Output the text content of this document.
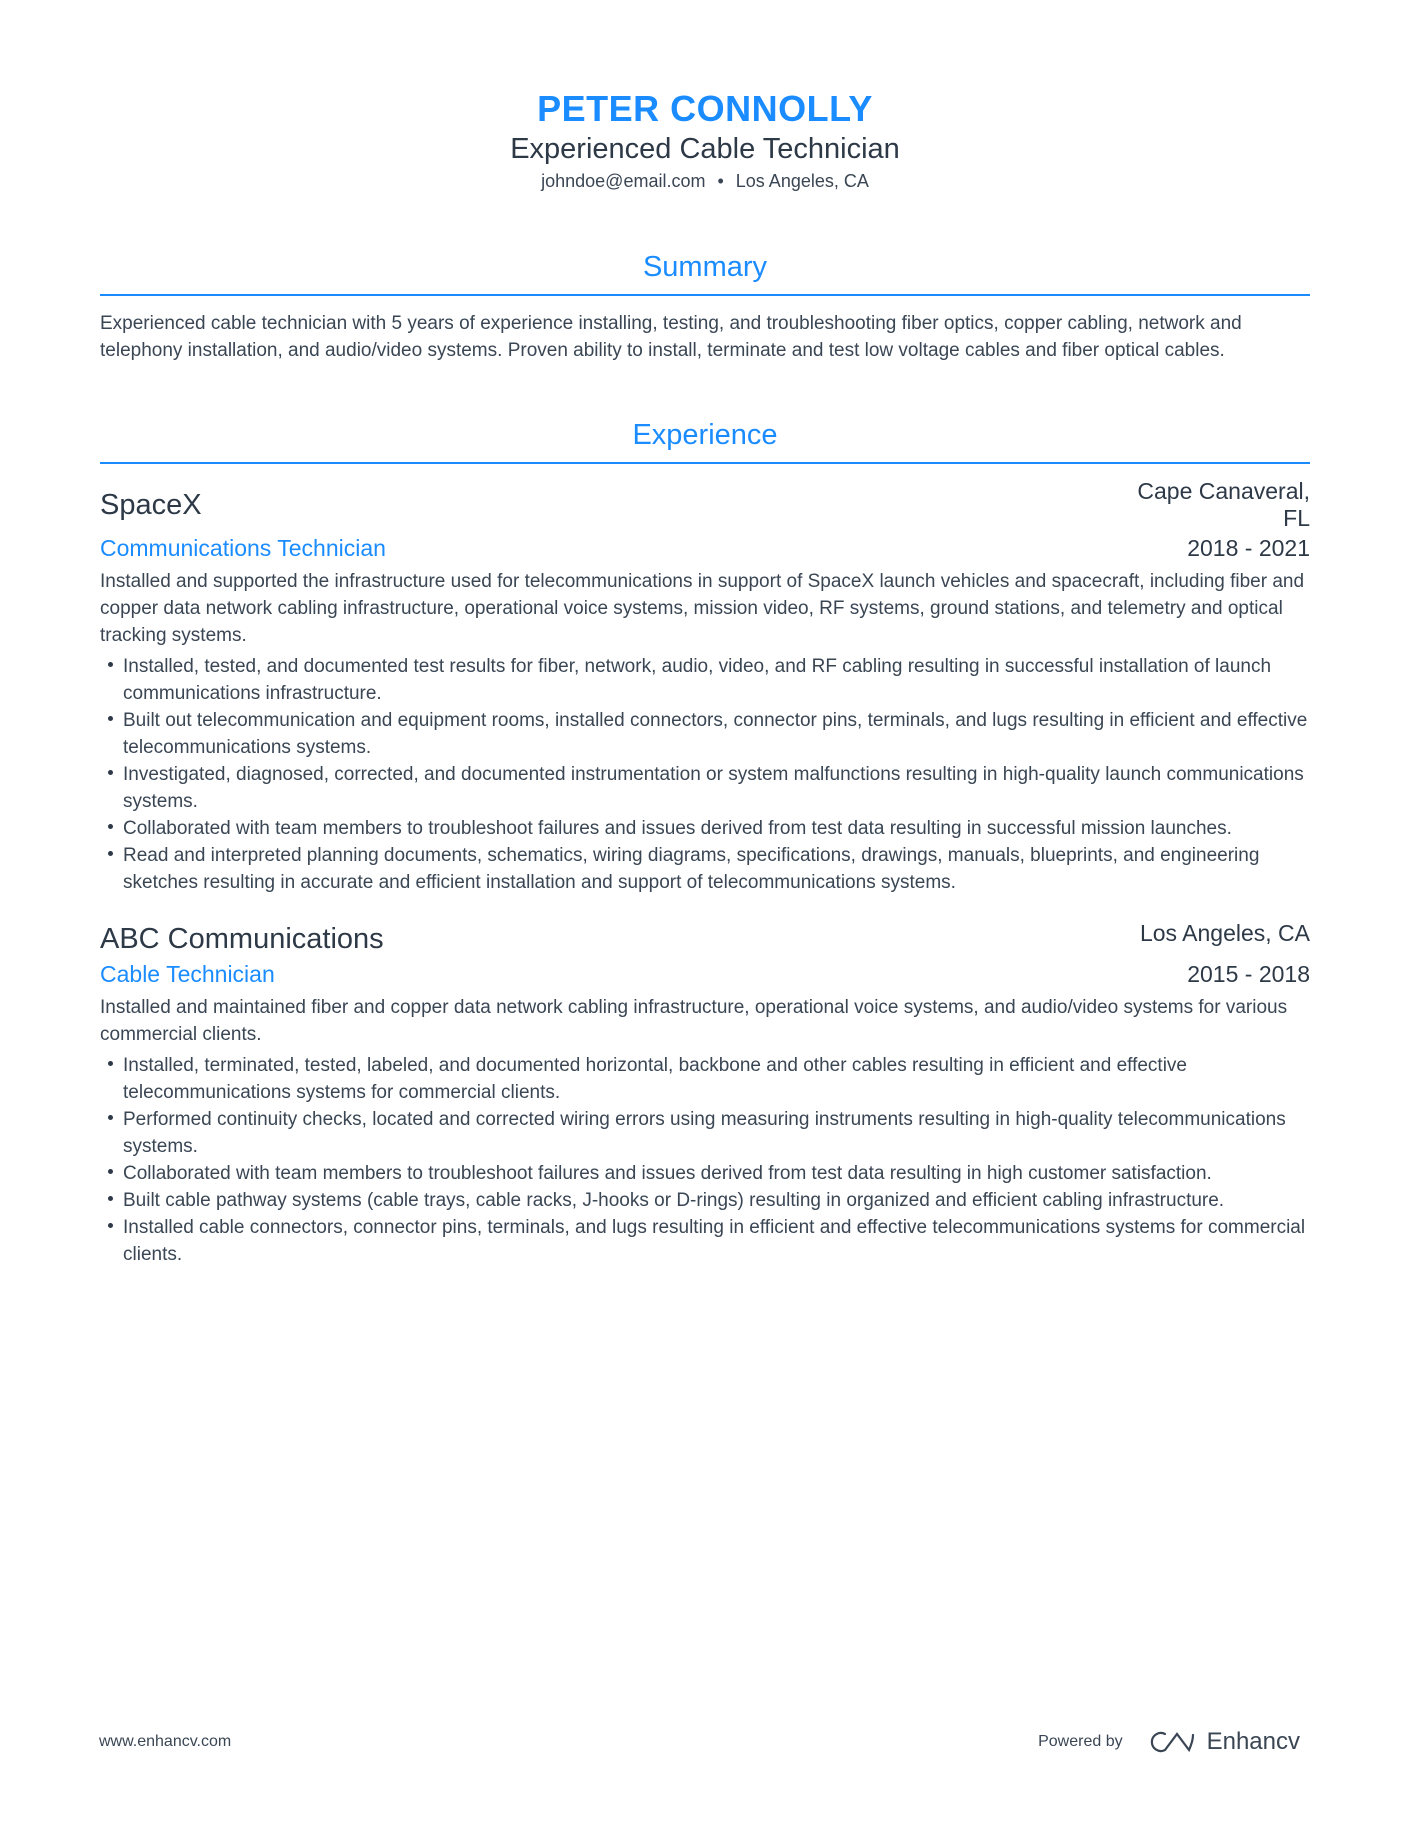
PETER CONNOLLY
Experienced Cable Technician
johndoe@email.com • Los Angeles, CA
Summary
Experienced cable technician with 5 years of experience installing, testing, and troubleshooting fiber optics, copper cabling, network and telephony installation, and audio/video systems. Proven ability to install, terminate and test low voltage cables and fiber optical cables.
Experience
SpaceX	Cape Canaveral, FL
Communications Technician	2018 - 2021
Installed and supported the infrastructure used for telecommunications in support of SpaceX launch vehicles and spacecraft, including fiber and copper data network cabling infrastructure, operational voice systems, mission video, RF systems, ground stations, and telemetry and optical tracking systems.
Installed, tested, and documented test results for fiber, network, audio, video, and RF cabling resulting in successful installation of launch communications infrastructure.
Built out telecommunication and equipment rooms, installed connectors, connector pins, terminals, and lugs resulting in efficient and effective telecommunications systems.
Investigated, diagnosed, corrected, and documented instrumentation or system malfunctions resulting in high-quality launch communications systems.
Collaborated with team members to troubleshoot failures and issues derived from test data resulting in successful mission launches.
Read and interpreted planning documents, schematics, wiring diagrams, specifications, drawings, manuals, blueprints, and engineering sketches resulting in accurate and efficient installation and support of telecommunications systems.
ABC Communications	Los Angeles, CA
Cable Technician	2015 - 2018
Installed and maintained fiber and copper data network cabling infrastructure, operational voice systems, and audio/video systems for various commercial clients.
Installed, terminated, tested, labeled, and documented horizontal, backbone and other cables resulting in efficient and effective telecommunications systems for commercial clients.
Performed continuity checks, located and corrected wiring errors using measuring instruments resulting in high-quality telecommunications systems.
Collaborated with team members to troubleshoot failures and issues derived from test data resulting in high customer satisfaction.
Built cable pathway systems (cable trays, cable racks, J-hooks or D-rings) resulting in organized and efficient cabling infrastructure.
Installed cable connectors, connector pins, terminals, and lugs resulting in efficient and effective telecommunications systems for commercial clients.
www.enhancv.com	Powered by	Enhancv
